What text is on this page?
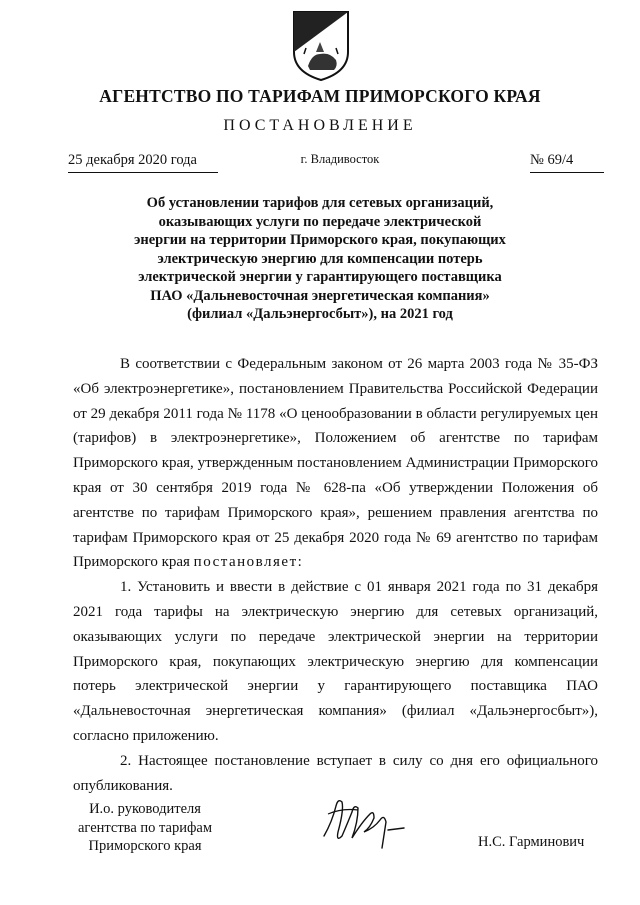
АГЕНТСТВО ПО ТАРИФАМ ПРИМОРСКОГО КРАЯ
ПОСТАНОВЛЕНИЕ
25 декабря 2020 года	г. Владивосток	№ 69/4
Об установлении тарифов для сетевых организаций,
оказывающих услуги по передаче электрической
энергии на территории Приморского края, покупающих
электрическую энергию для компенсации потерь
электрической энергии у гарантирующего поставщика
ПАО «Дальневосточная энергетическая компания»
(филиал «Дальэнергосбыт»), на 2021 год

В соответствии с Федеральным законом от 26 марта 2003 года № 35-ФЗ «Об электроэнергетике», постановлением Правительства Российской Федерации от 29 декабря 2011 года № 1178 «О ценообразовании в области регулируемых цен (тарифов) в электроэнергетике», Положением об агентстве по тарифам Приморского края, утвержденным постановлением Администрации Приморского края от 30 сентября 2019 года № 628-па «Об утверждении Положения об агентстве по тарифам Приморского края», решением правления агентства по тарифам Приморского края от 25 декабря 2020 года № 69 агентство по тарифам Приморского края постановляет:

1. Установить и ввести в действие с 01 января 2021 года по 31 декабря 2021 года тарифы на электрическую энергию для сетевых организаций, оказывающих услуги по передаче электрической энергии на территории Приморского края, покупающих электрическую энергию для компенсации потерь электрической энергии у гарантирующего поставщика ПАО «Дальневосточная энергетическая компания» (филиал «Дальэнергосбыт»), согласно приложению.

2. Настоящее постановление вступает в силу со дня его официального опубликования.

И.о. руководителя
агентства по тарифам
Приморского края	Н.С. Гарминович
